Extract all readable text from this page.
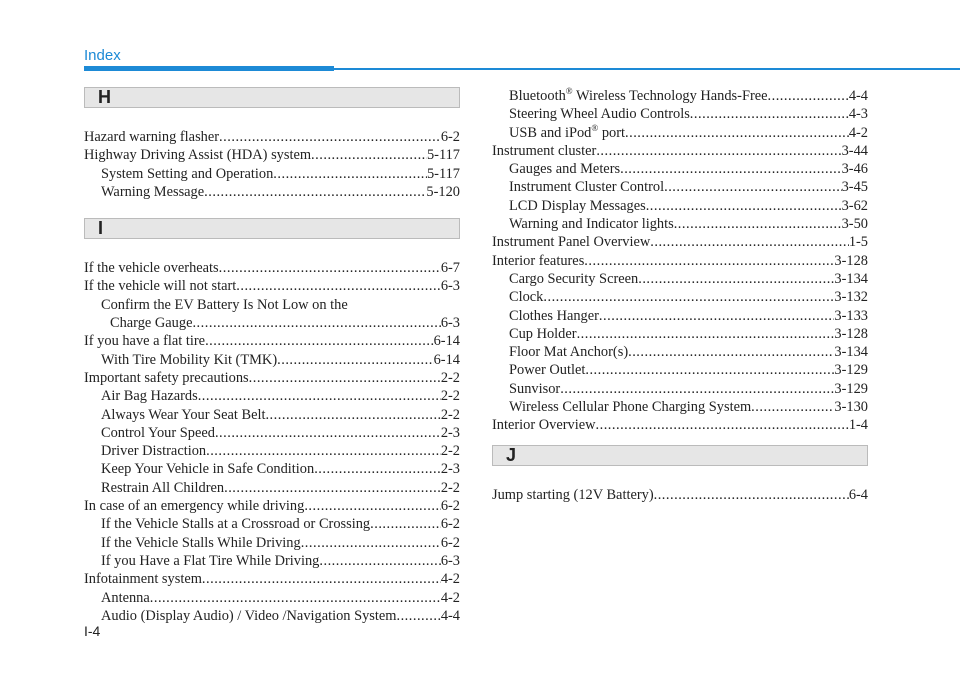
Index
H
Hazard warning flasher .....	6-2
Highway Driving Assist (HDA) system .....	5-117
System Setting and Operation .....	5-117
Warning Message .....	5-120
I
If the vehicle overheats .....	6-7
If the vehicle will not start .....	6-3
Confirm the EV Battery Is Not Low on the
Charge Gauge .....	6-3
If you have a flat tire .....	6-14
With Tire Mobility Kit (TMK) .....	6-14
Important safety precautions .....	2-2
Air Bag Hazards .....	2-2
Always Wear Your Seat Belt .....	2-2
Control Your Speed .....	2-3
Driver Distraction .....	2-2
Keep Your Vehicle in Safe Condition .....	2-3
Restrain All Children .....	2-2
In case of an emergency while driving .....	6-2
If the Vehicle Stalls at a Crossroad or Crossing .....	6-2
If the Vehicle Stalls While Driving .....	6-2
If you Have a Flat Tire While Driving .....	6-3
Infotainment system .....	4-2
Antenna .....	4-2
Audio (Display Audio) / Video /Navigation System .....	4-4
Bluetooth® Wireless Technology Hands-Free .....	4-4
Steering Wheel Audio Controls .....	4-3
USB and iPod® port .....	4-2
Instrument cluster .....	3-44
Gauges and Meters .....	3-46
Instrument Cluster Control .....	3-45
LCD Display Messages .....	3-62
Warning and Indicator lights .....	3-50
Instrument Panel Overview .....	1-5
Interior features .....	3-128
Cargo Security Screen .....	3-134
Clock .....	3-132
Clothes Hanger .....	3-133
Cup Holder .....	3-128
Floor Mat Anchor(s) .....	3-134
Power Outlet .....	3-129
Sunvisor .....	3-129
Wireless Cellular Phone Charging System .....	3-130
Interior Overview .....	1-4
J
Jump starting (12V Battery) .....	6-4
I-4
